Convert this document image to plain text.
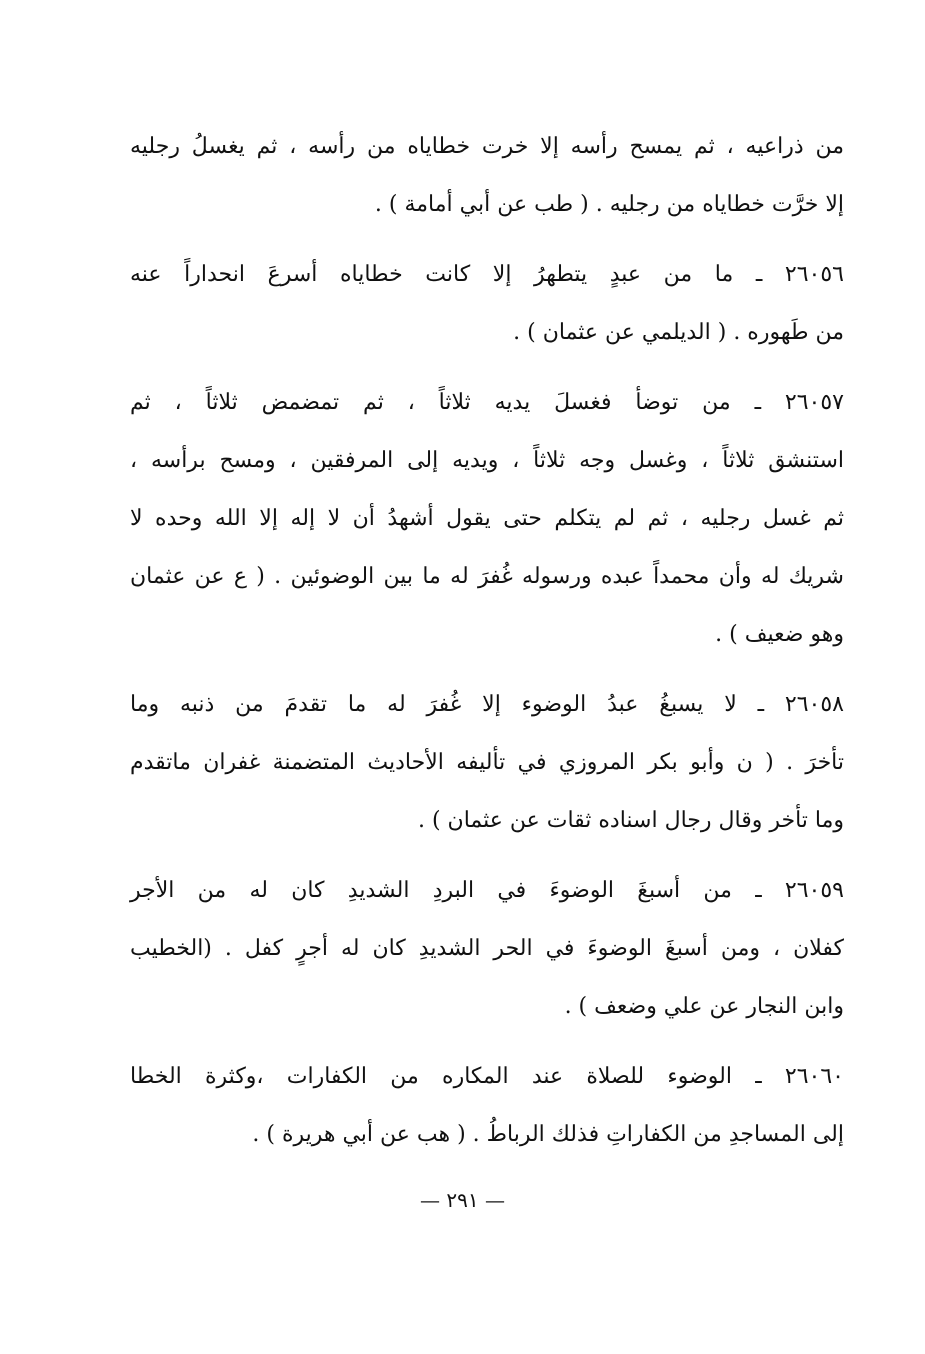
من ذراعيه ، ثم يمسح رأسه إلا خرت خطاياه من رأسه ، ثم يغسلُ رجليه
إلا خرَّت خطاياه من رجليه . ( طب عن أبي أمامة ) .
٢٦٠٥٦ ـ ما من عبدٍ يتطهرُ إلا كانت خطاياه أسرعَ انحداراً عنه
من طَهوره . ( الديلمي عن عثمان ) .
٢٦٠٥٧ ـ من توضأ فغسلَ يديه ثلاثاً ، ثم تمضمض ثلاثاً ، ثم
استنشق ثلاثاً ، وغسل وجه ثلاثاً ، ويديه إلى المرفقين ، ومسح برأسه ،
ثم غسل رجليه ، ثم لم يتكلم حتى يقول أشهدُ أن لا إله إلا الله وحده لا
شريك له وأن محمداً عبده ورسوله غُفرَ له ما بين الوضوئين . ( ع عن عثمان
وهو ضعيف ) .
٢٦٠٥٨ ـ لا يسبغُ عبدُ الوضوء إلا غُفرَ له ما تقدمَ من ذنبه وما
تأخرَ . ( ن وأبو بكر المروزي في تأليفه الأحاديث المتضمنة غفران ماتقدم
وما تأخر وقال رجال اسناده ثقات عن عثمان ) .
٢٦٠٥٩ ـ من أسبغَ الوضوءَ في البردِ الشديدِ كان له من الأجر
كفلان ، ومن أسبغَ الوضوءَ في الحر الشديدِ كان له أجرٍ كفل . (الخطيب
وابن النجار عن علي وضعف ) .
٢٦٠٦٠ ـ الوضوء للصلاة عند المكاره من الكفارات ،وكثرة الخطا
إلى المساجدِ من الكفاراتِ فذلك الرباطُ . ( هب عن أبي هريرة ) .
— ٢٩١ —
